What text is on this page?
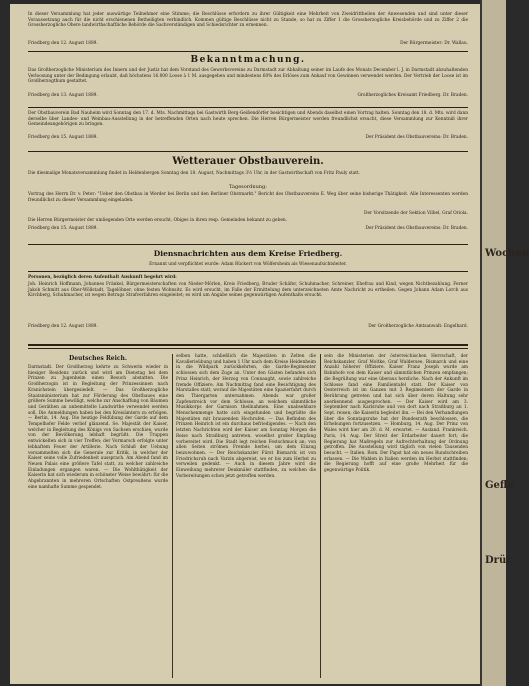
In dieser Versammlung hat jeder auswärtige Teilnehmer eine Stimme; die Beschlüsse erfordern zu ihrer Gültigkeit eine Mehrheit von Zweidrittheilen der Anwesenden und sind unter dieser Voraussetzung auch für die nicht erschienenen Betheiligten verbindlich. Kommen gültige Beschlüsse nicht zu Stande, so hat zu Ziffer 1 die Grossherzogliche Kreisbehörde und zu Ziffer 2 die Grossherzogliche Obere landwirthschaftliche Behörde die Sachverständigen und Schiedsrichter zu ernennen.

Friedberg den 12. August 1889.	Der Bürgermeister: Dr. Wallau.

Bekanntmachung.

Das Großherzogliche Ministerium des Innern und der Justiz hat dem Vorstand des Gewerbsvereins zu Darmstadt zur Abhaltung seiner im Laufe des Monats December l. J. in Darmstadt abzuhaltenden Verloosung unter der Bedingung erlaubt, daß höchstens 16.000 Loose à 1 M. ausgegeben und mindestens 60% des Erlöses zum Ankauf von Gewinnen verwendet werden. Der Vertrieb der Loose ist im Großherzogthum gestattet.

Friedberg den 13. August 1889.	Großherzogliches Kreisamt Friedberg. Dr. Braden.

Der Obstbauverein Bad Nauheim wird Sonntag den 17. d. Mts. Nachmittags bei Gastwirth Berg-Geißendörfer besichtigen und Abends daselbst einen Vortrag halten. Sonntag den 18. d. Mts. wird dann derselbe über Landes- und Weinbau-Ausstellung in der betreffenden Orten nach heute sprechen. Die Herren Bürgermeister werden freundlichst ersucht, diese Versammlung zur Kenntniß ihrer Gemeindeangehörigen zu bringen.

Friedberg den 15. August 1889.	Der Präsident des Obstbauvereins: Dr. Braden.

Wetterauer Obstbauverein.

Die diesmalige Monatsversammlung findet in Heldenbergen Sonntag den 18. August, Nachmittags 3½ Uhr, in der Gastwirthschaft von Fritz Pauly statt.

Tagesordnung:

Vortrag des Herrn Dr. v. Peter: "Ueber den Obstbau in Werder bei Berlin und den Berliner Obstmarkt." Bericht des Obstbauvereins E. Weg über seine bisherige Thätigkeit. Alle Interessenten werden freundlichst zu dieser Versammlung eingeladen.

Der Vorsitzende der Sektion Vilbel, Graf Oriola.

Die Herren Bürgermeister der umliegenden Orte werden ersucht, Obiges in ihren resp. Gemeinden bekannt zu geben.

Friedberg den 15. August 1889.	Der Präsident des Obstbauvereins: Dr. Braden.

Diensnachrichten aus dem Kreise Friedberg.

Ernannt und verpflichtet wurde: Adam Rückert von Wölfersheim als Wiesenaufsichtsleiter.

Personen, bezüglich deren Aufenthalt Auskunft begehrt wird:

Joh. Heinrich Hoffmann, Johannes Fränkel, Bürgermeisterschaften von Nieder-Mörlen, Kreis Friedberg, Bruder Schäfer, Schuhmacher, Schreiner, Ehefrau und Kind, wegen Nichtbezahlung. Ferner Jakob Schmitt aus Ober-Wöllstadt, Tagelöhner, ohne festen Wohnsitz. Es wird ersucht, im Falle der Ermittelung dem unterzeichneten Amte Nachricht zu ertheilen. Gegen Johann Adam Lorch aus Kirchberg, Schuhmacher, ist wegen Betrugs Strafverfahren eingeleitet; es wird um Angabe seines gegenwärtigen Aufenthalts ersucht.

Friedberg den 12. August 1889.	Der Großherzogliche Amtsanwalt: Engelhard.

Deutsches Reich.

Darmstadt. Der Großherzog kehrte zu Schwerin wieder in hiesiger Residenz zurück und wird am Dienstag bei dem Prinzen zu Jugenheim einen Besuch abstatten. Die Großherzogin ist in Begleitung der Prinzessinnen nach Kranichstein übergesiedelt. — Das Großherzogliche Staatsministerium hat zur Förderung des Obstbaues eine größere Summe bewilligt, welche zur Anschaffung von Bäumen und Geräthen an unbemittelte Landwirthe verwendet werden soll. Die Anmeldungen haben bei den Kreisämtern zu erfolgen. — Berlin, 14. Aug. Die heutige Feldübung der Garde auf dem Tempelhofer Felde verlief glänzend. Se. Majestät der Kaiser, welcher in Begleitung des Königs von Sachsen erschien, wurde von der Bevölkerung lebhaft begrüßt. Die Truppen entwickelten sich in vier Treffen; der Vormarsch erfolgte unter lebhaftem Feuer der Artillerie. Nach Schluß der Uebung versammelten sich die Generale zur Kritik, in welcher der Kaiser seine volle Zufriedenheit aussprach. Am Abend fand im Neuen Palais eine größere Tafel statt, zu welcher zahlreiche Einladungen ergangen waren. — Die Wohlthätigkeit der Kaiserin hat sich wiederum in schönster Weise bewährt: für die Abgebrannten in mehreren Ortschaften Ostpreußens wurde eine namhafte Summe gespendet.

selben hatte, schließlich die Majestäten in Zelten die Kavallerieübung und haben 1 Uhr nach dem Kreise Heidenheim in die Wildpark zurückkehrten, die Garde-Regimenter schlossen sich dem Zuge an. Unter den Gästen befanden sich Prinz Heinrich, der Herzog von Connaught, sowie zahlreiche fremde Offiziere. Am Nachmittag fand eine Besichtigung des Marstalles statt, worauf die Majestäten eine Spazierfahrt durch den Thiergarten unternahmen. Abends war großer Zapfenstreich vor dem Schlosse, an welchem sämmtliche Musikkorps der Garnison theilnahmen. Eine unabsehbare Menschenmenge hatte sich eingefunden und begrüßte die Majestäten mit brausenden Hochrufen. — Das Befinden des Prinzen Heinrich ist ein durchaus befriedigendes. — Nach den letzten Nachrichten wird der Kaiser am Sonntag Morgen die Reise nach Straßburg antreten, woselbst großer Empfang vorbereitet wird. Die Stadt legt reichen Festschmuck an; von allen Seiten strömen Fremde herbei, um dem Einzug beizuwohnen. — Der Reichskanzler Fürst Bismarck ist von Friedrichsruh nach Varzin abgereist, wo er bis zum Herbst zu verweilen gedenkt. — Auch in diesem Jahre wird die Einweihung mehrerer Denkmäler stattfinden, zu welchen die Vorbereitungen schon jetzt getroffen werden.

sein die Ministerien der österreichischen Herrschaft, der Reichskanzler, Graf Moltke, Graf Waldersee, Bismarck und eine Anzahl höherer Offiziere. Kaiser Franz Joseph wurde am Bahnhofe von dem Kaiser und sämmtlichen Prinzen empfangen; die Begrüßung war eine überaus herzliche. Nach der Ankunft im Schlosse fand eine Familientafel statt. Der Kaiser von Oesterreich ist im Ganzen mit 3 Regimentern der Garde in Berührung getreten und hat sich über deren Haltung sehr anerkennend ausgesprochen. — Der Kaiser wird am 3. September nach Karlsruhe und von dort nach Straßburg an 1. Sept. reisen; die Kaiserin begleitet ihn. — Bei den Verhandlungen über die Sonntagsruhe hat der Bundesrath beschlossen, die Erhebungen fortzusetzen. — Homburg, 14. Aug. Der Prinz von Wales wird hier am 20. d. M. erwartet. — Ausland. Frankreich. Paris, 14. Aug. Der Streit der Erdarbeiter dauert fort; die Regierung hat Maßregeln zur Aufrechterhaltung der Ordnung getroffen. Die Ausstellung wird täglich von vielen Tausenden besucht. — Italien. Rom. Der Papst hat ein neues Rundschreiben erlassen. — Die Wahlen in Italien werden im Herbst stattfinden; die Regierung hofft auf eine große Mehrheit für die gegenwärtige Politik.

Wochen
Gefle
Drüc
